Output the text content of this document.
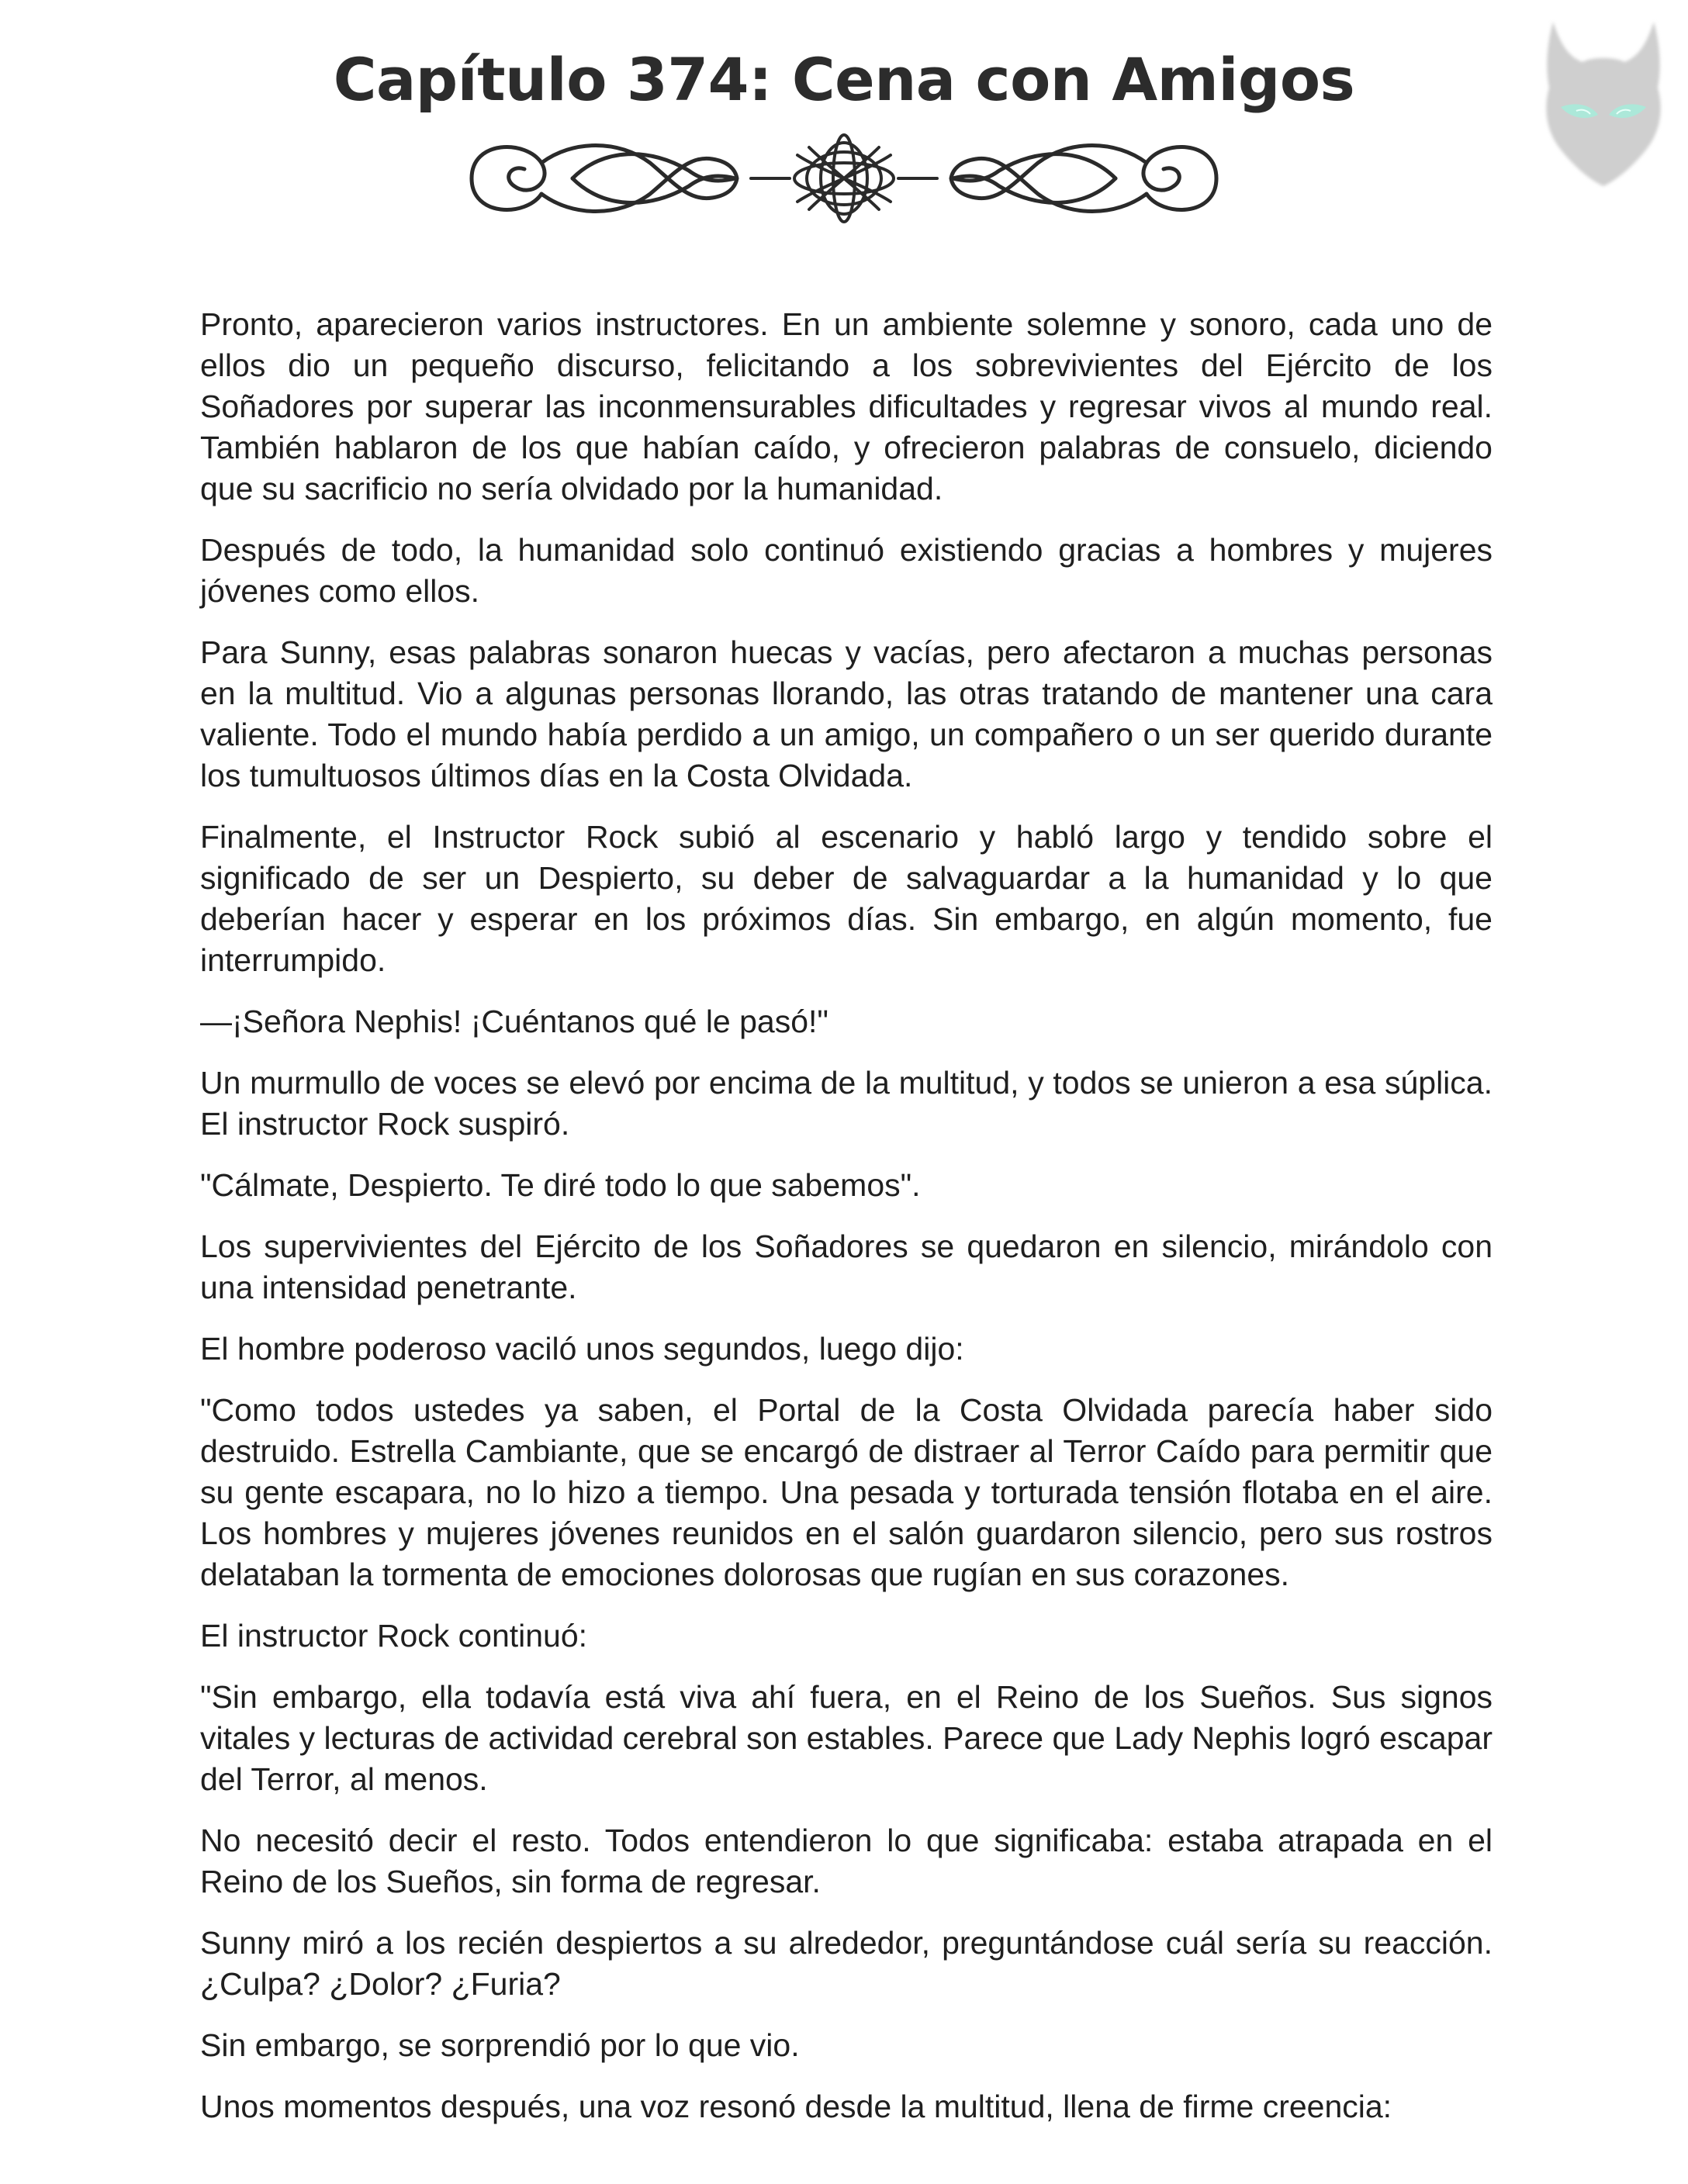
Capítulo 374: Cena con Amigos

Pronto, aparecieron varios instructores. En un ambiente solemne y sonoro, cada uno de ellos dio un pequeño discurso, felicitando a los sobrevivientes del Ejército de los Soñadores por superar las inconmensurables dificultades y regresar vivos al mundo real. También hablaron de los que habían caído, y ofrecieron palabras de consuelo, diciendo que su sacrificio no sería olvidado por la humanidad.

Después de todo, la humanidad solo continuó existiendo gracias a hombres y mujeres jóvenes como ellos.

Para Sunny, esas palabras sonaron huecas y vacías, pero afectaron a muchas personas en la multitud. Vio a algunas personas llorando, las otras tratando de mantener una cara valiente. Todo el mundo había perdido a un amigo, un compañero o un ser querido durante los tumultuosos últimos días en la Costa Olvidada.

Finalmente, el Instructor Rock subió al escenario y habló largo y tendido sobre el significado de ser un Despierto, su deber de salvaguardar a la humanidad y lo que deberían hacer y esperar en los próximos días. Sin embargo, en algún momento, fue interrumpido.

—¡Señora Nephis! ¡Cuéntanos qué le pasó!"

Un murmullo de voces se elevó por encima de la multitud, y todos se unieron a esa súplica. El instructor Rock suspiró.

"Cálmate, Despierto. Te diré todo lo que sabemos".

Los supervivientes del Ejército de los Soñadores se quedaron en silencio, mirándolo con una intensidad penetrante.

El hombre poderoso vaciló unos segundos, luego dijo:

"Como todos ustedes ya saben, el Portal de la Costa Olvidada parecía haber sido destruido. Estrella Cambiante, que se encargó de distraer al Terror Caído para permitir que su gente escapara, no lo hizo a tiempo. Una pesada y torturada tensión flotaba en el aire. Los hombres y mujeres jóvenes reunidos en el salón guardaron silencio, pero sus rostros delataban la tormenta de emociones dolorosas que rugían en sus corazones.

El instructor Rock continuó:

"Sin embargo, ella todavía está viva ahí fuera, en el Reino de los Sueños. Sus signos vitales y lecturas de actividad cerebral son estables. Parece que Lady Nephis logró escapar del Terror, al menos.

No necesitó decir el resto. Todos entendieron lo que significaba: estaba atrapada en el Reino de los Sueños, sin forma de regresar.

Sunny miró a los recién despiertos a su alrededor, preguntándose cuál sería su reacción. ¿Culpa? ¿Dolor? ¿Furia?

Sin embargo, se sorprendió por lo que vio.

Unos momentos después, una voz resonó desde la multitud, llena de firme creencia:
